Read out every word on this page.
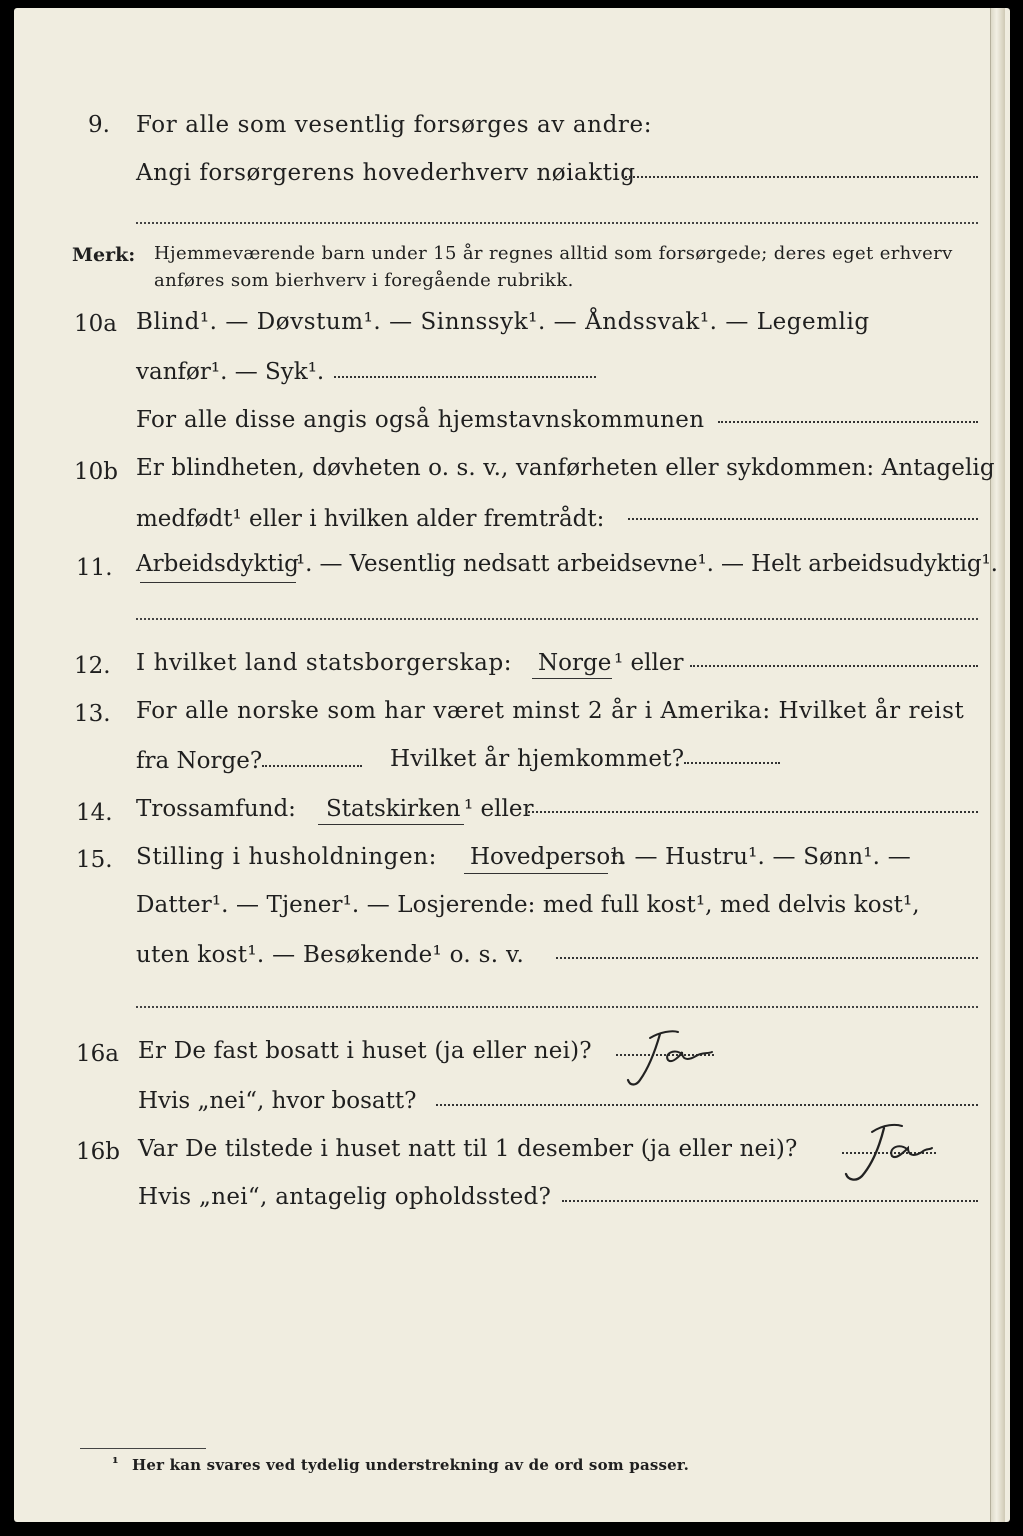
9. For alle som vesentlig forsørges av andre:
Angi forsørgerens hovederhverv nøiaktig
Merk: Hjemmeværende barn under 15 år regnes alltid som forsørgede; deres eget erhverv
anføres som bierhverv i foregående rubrikk.
10a Blind¹. — Døvstum¹. — Sinnssyk¹. — Åndssvak¹. — Legemlig
vanfør¹. — Syk¹.
For alle disse angis også hjemstavnskommunen
10b Er blindheten, døvheten o. s. v., vanførheten eller sykdommen: Antagelig
medfødt¹ eller i hvilken alder fremtrådt:
11. Arbeidsdyktig
¹. — Vesentlig nedsatt arbeidsevne¹. — Helt arbeidsudyktig¹.
12. I hvilket land statsborgerskap: Norge ¹ eller
13. For alle norske som har været minst 2 år i Amerika: Hvilket år reist
fra Norge?	Hvilket år hjemkommet?
14. Trossamfund: Statskirken ¹ eller
15. Stilling i husholdningen: Hovedperson
¹. — Hustru¹. — Sønn¹. —
Datter¹. — Tjener¹. — Losjerende: med full kost¹, med delvis kost¹,
uten kost¹. — Besøkende¹ o. s. v.
16a Er De fast bosatt i huset (ja eller nei)?
Hvis „nei“, hvor bosatt?
16b Var De tilstede i huset natt til 1 desember (ja eller nei)?
Hvis „nei“, antagelig opholdssted?
¹ Her kan svares ved tydelig understrekning av de ord som passer.
